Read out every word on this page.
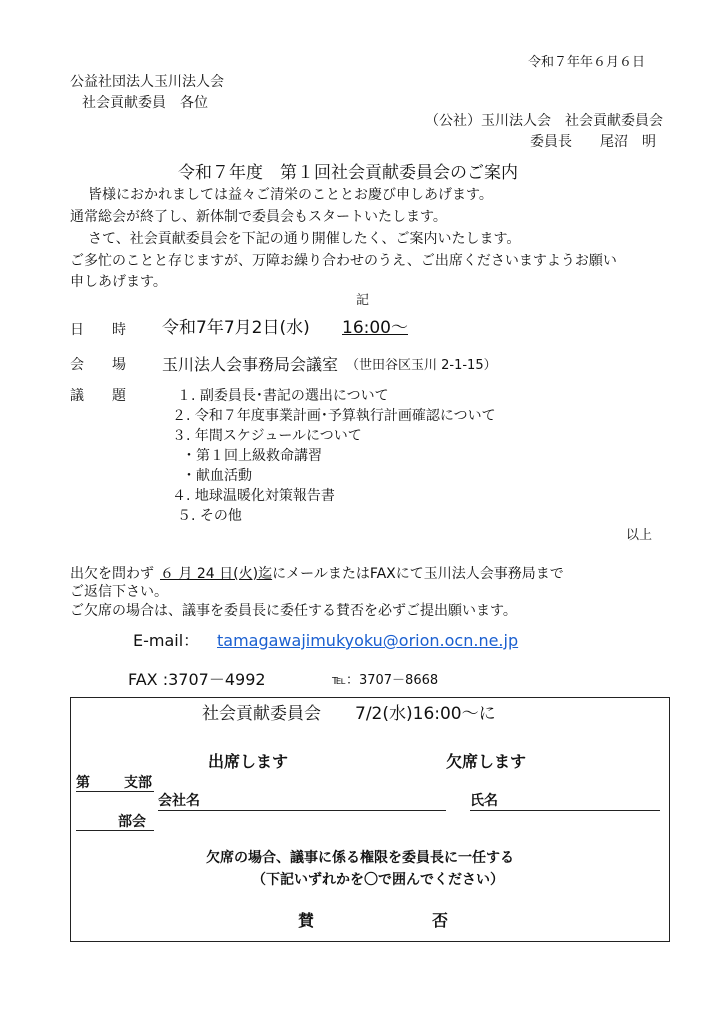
令和７年年６月６日
公益社団法人玉川法人会
社会貢献委員　各位
（公社）玉川法人会　社会貢献委員会
委員長　　尾沼　明
令和７年度　第１回社会貢献委員会のご案内
皆様におかれましては益々ご清栄のこととお慶び申しあげます。
通常総会が終了し、新体制で委員会もスタートいたします。
さて、社会貢献委員会を下記の通り開催したく、ご案内いたします。
ご多忙のことと存じますが、万障お繰り合わせのうえ、ご出席くださいますようお願い
申しあげます。
記
日　　時 令和7年7月2日(水) 16:00～
会　　場 玉川法人会事務局会議室 （世田谷区玉川 2-1-15）
議　　題	１. 副委員長･書記の選出について
２. 令和７年度事業計画･予算執行計画確認について
３. 年間スケジュールについて
・第１回上級救命講習
・献血活動
４. 地球温暖化対策報告書
５. その他
以上
出欠を問わず ６ 月 24 日(火)迄にメールまたはFAXにて玉川法人会事務局まで
ご返信下さい。
ご欠席の場合は、議事を委員長に委任する賛否を必ずご提出願います。
E-mail： tamagawajimukyoku@orion.ocn.ne.jp
FAX :3707－4992	℡：3707－8668
社会貢献委員会　　7/2(水)16:00～に
出席します	欠席します
第 支部
会社名	氏名
部会
欠席の場合、議事に係る権限を委員長に一任する
（下記いずれかを〇で囲んでください）
賛	否
